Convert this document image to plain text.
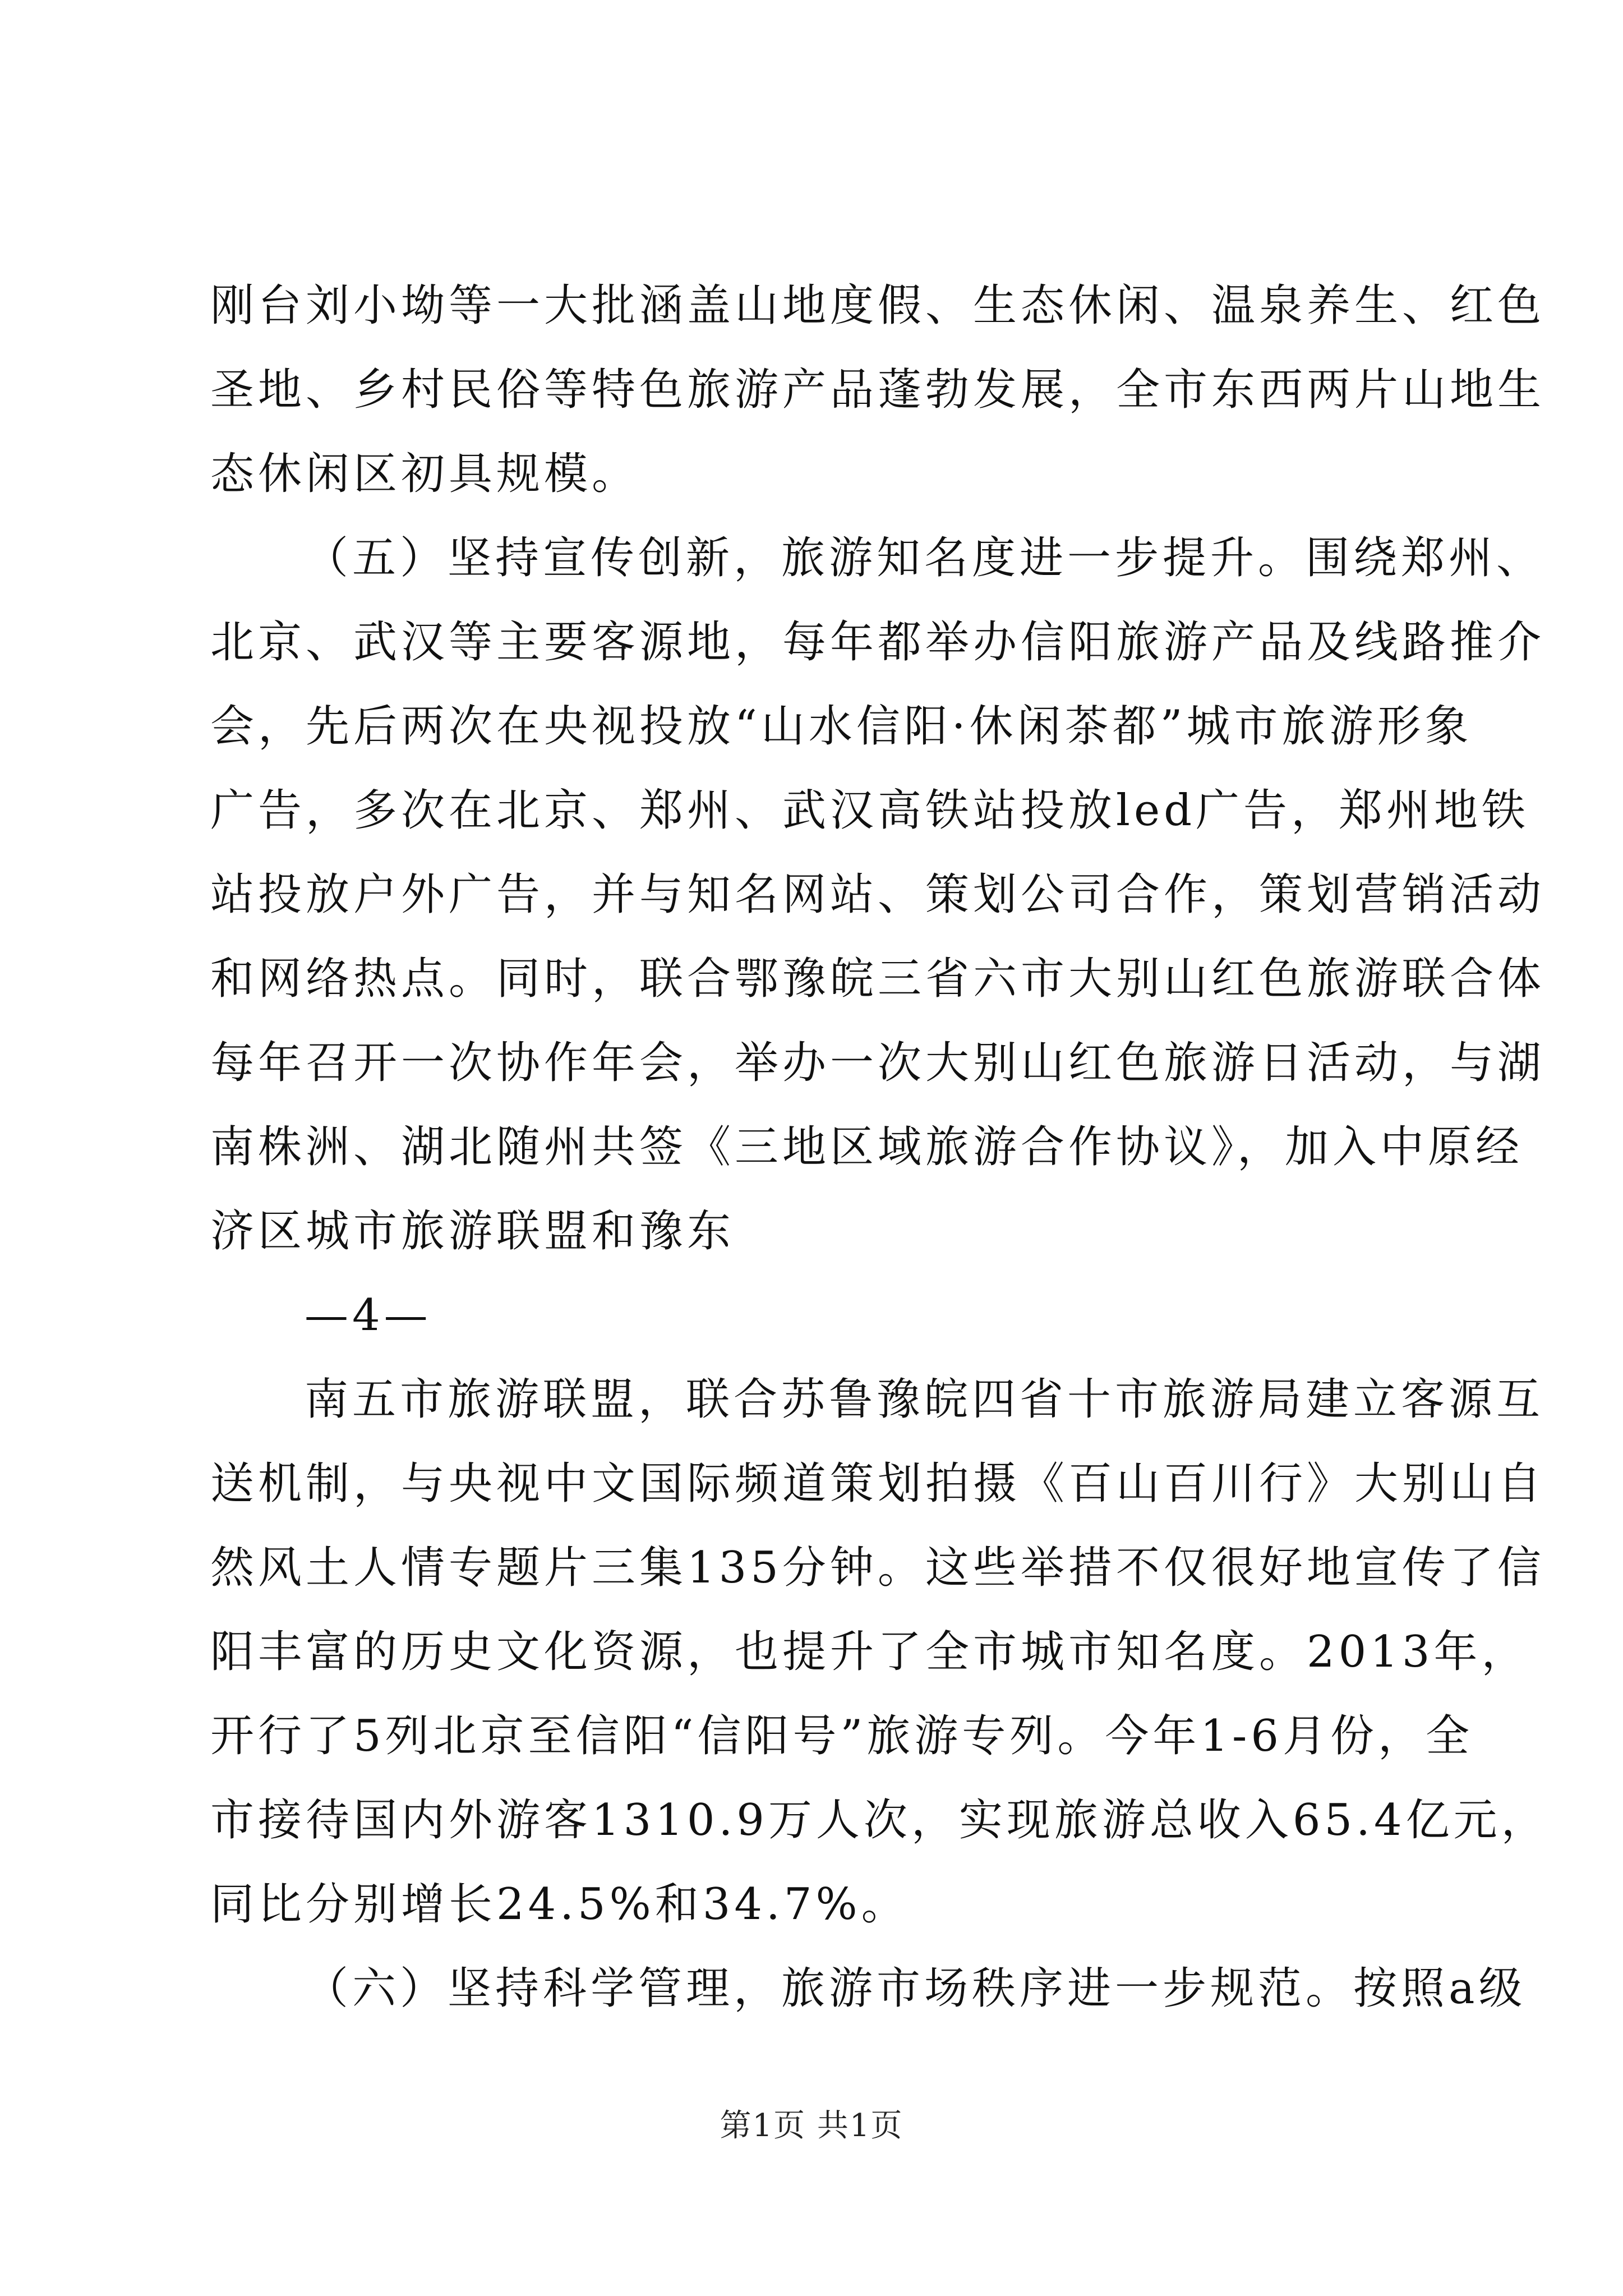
刚台刘小坳等一大批涵盖山地度假、生态休闲、温泉养生、红色
圣地、乡村民俗等特色旅游产品蓬勃发展，全市东西两片山地生
态休闲区初具规模。
（五）坚持宣传创新，旅游知名度进一步提升。围绕郑州、
北京、武汉等主要客源地，每年都举办信阳旅游产品及线路推介
会，先后两次在央视投放“山水信阳·休闲茶都”城市旅游形象
广告，多次在北京、郑州、武汉高铁站投放led广告，郑州地铁
站投放户外广告，并与知名网站、策划公司合作，策划营销活动
和网络热点。同时，联合鄂豫皖三省六市大别山红色旅游联合体
每年召开一次协作年会，举办一次大别山红色旅游日活动，与湖
南株洲、湖北随州共签《三地区域旅游合作协议》，加入中原经
济区城市旅游联盟和豫东
—4—
南五市旅游联盟，联合苏鲁豫皖四省十市旅游局建立客源互
送机制，与央视中文国际频道策划拍摄《百山百川行》大别山自
然风土人情专题片三集135分钟。这些举措不仅很好地宣传了信
阳丰富的历史文化资源，也提升了全市城市知名度。2013年，
开行了5列北京至信阳“信阳号”旅游专列。今年1-6月份，全
市接待国内外游客1310.9万人次，实现旅游总收入65.4亿元，
同比分别增长24.5%和34.7%。
（六）坚持科学管理，旅游市场秩序进一步规范。按照a级
第1页 共1页
